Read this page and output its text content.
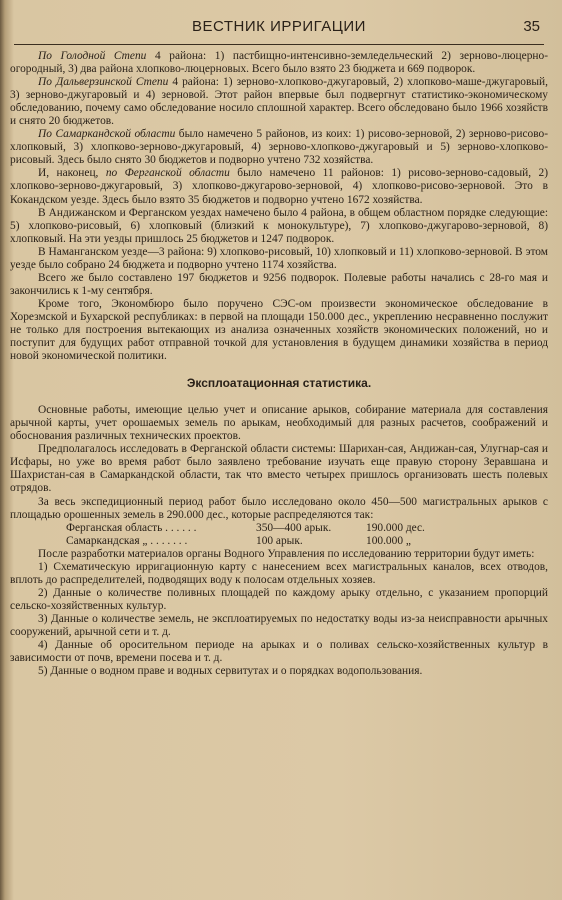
ВЕСТНИК ИРРИГАЦИИ	35

По Голодной Степи 4 района: 1) пастбищно-интенсивно-земледельческий 2) зерново-люцерно-огородный, 3) два района хлопково-люцерновых. Всего было взято 23 бюджета и 669 подворок.

По Дальверзинской Степи 4 района: 1) зерново-хлопково-джугаровый, 2) хлопково-маше-джугаровый, 3) зерново-джугаровый и 4) зерновой. Этот район впервые был подвергнут статистико-экономическому обследованию, почему само обследование носило сплошной характер. Всего обследовано было 1966 хозяйств и снято 20 бюджетов.

По Самаркандской области было намечено 5 районов, из коих: 1) рисово-зерновой, 2) зерново-рисово-хлопковый, 3) хлопково-зерново-джугаровый, 4) зерново-хлопково-джугаровый и 5) зерново-хлопково-рисовый. Здесь было снято 30 бюджетов и подворно учтено 732 хозяйства.

И, наконец, по Ферганской области было намечено 11 районов: 1) рисово-зерново-садовый, 2) хлопково-зерново-джугаровый, 3) хлопково-джугарово-зерновой, 4) хлопково-рисово-зерновой. Это в Кокандском уезде. Здесь было взято 35 бюджетов и подворно учтено 1672 хозяйства.

В Андижанском и Ферганском уездах намечено было 4 района, в общем областном порядке следующие: 5) хлопково-рисовый, 6) хлопковый (близкий к монокультуре), 7) хлопково-джугарово-зерновой, 8) хлопковый. На эти уезды пришлось 25 бюджетов и 1247 подворок.

В Наманганском уезде—3 района: 9) хлопково-рисовый, 10) хлопковый и 11) хлопково-зерновой. В этом уезде было собрано 24 бюджета и подворно учтено 1174 хозяйства.

Всего же было составлено 197 бюджетов и 9256 подворок. Полевые работы начались с 28-го мая и закончились к 1-му сентября.

Кроме того, Экономбюро было поручено СЭС-ом произвести экономическое обследование в Хорезмской и Бухарской республиках: в первой на площади 150.000 дес., укреплению несравненно послужит не только для построения вытекающих из анализа означенных хозяйств экономических положений, но и поступит для будущих работ отправной точкой для установления в будущем динамики хозяйства в период новой экономической политики.

Эксплоатационная статистика.

Основные работы, имеющие целью учет и описание арыков, собирание материала для составления арычной карты, учет орошаемых земель по арыкам, необходимый для разных расчетов, соображений и обоснования различных технических проектов.

Предполагалось исследовать в Ферганской области системы: Шарихан-сая, Андижан-сая, Улугнар-сая и Исфары, но уже во время работ было заявлено требование изучать еще правую сторону Зеравшана и Шахристан-сая в Самаркандской области, так что вместо четырех пришлось организовать шесть полевых отрядов.

За весь экспедиционный период работ было исследовано около 450—500 магистральных арыков с площадью орошенных земель в 290.000 дес., которые распределяются так:

Ферганская область . . . . . .	350—400 арык.	190.000 дес.
Самаркандская „ . . . . . . .	100 арык.	100.000 „

После разработки материалов органы Водного Управления по исследованию территории будут иметь:

1) Схематическую ирригационную карту с нанесением всех магистральных каналов, всех отводов, вплоть до распределителей, подводящих воду к полосам отдельных хозяев.

2) Данные о количестве поливных площадей по каждому арыку отдельно, с указанием пропорций сельско-хозяйственных культур.

3) Данные о количестве земель, не эксплоатируемых по недостатку воды из-за неисправности арычных сооружений, арычной сети и т. д.

4) Данные об оросительном периоде на арыках и о поливах сельско-хозяйственных культур в зависимости от почв, времени посева и т. д.

5) Данные о водном праве и водных сервитутах и о порядках водопользования.
